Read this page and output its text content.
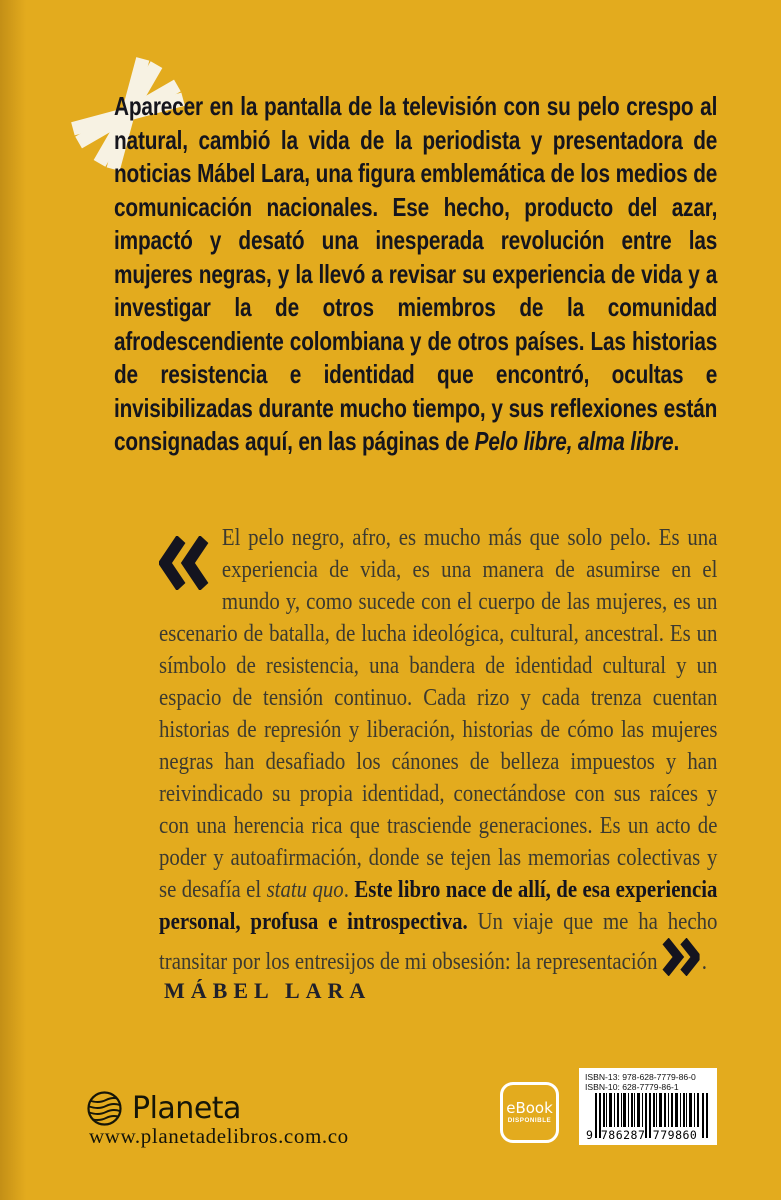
Aparecer en la pantalla de la televisión con su pelo crespo al natural, cambió la vida de la periodista y presentadora de noticias Mábel Lara, una figura emblemática de los medios de comunicación nacionales. Ese hecho, producto del azar, impactó y desató una inesperada revolución entre las mujeres negras, y la llevó a revisar su experiencia de vida y a investigar la de otros miembros de la comunidad afrodescendiente colombiana y de otros países. Las historias de resistencia e identidad que encontró, ocultas e invisibilizadas durante mucho tiempo, y sus reflexiones están consignadas aquí, en las páginas de Pelo libre, alma libre.

El pelo negro, afro, es mucho más que solo pelo. Es una experiencia de vida, es una manera de asumirse en el mundo y, como sucede con el cuerpo de las mujeres, es un escenario de batalla, de lucha ideológica, cultural, ancestral. Es un símbolo de resistencia, una bandera de identidad cultural y un espacio de tensión continuo. Cada rizo y cada trenza cuentan historias de represión y liberación, historias de cómo las mujeres negras han desafiado los cánones de belleza impuestos y han reivindicado su propia identidad, conectándose con sus raíces y con una herencia rica que trasciende generaciones. Es un acto de poder y autoafirmación, donde se tejen las memorias colectivas y se desafía el statu quo. Este libro nace de allí, de esa experiencia personal, profusa e introspectiva. Un viaje que me ha hecho transitar por los entresijos de mi obsesión: la representación .

MÁBEL LARA

Planeta
www.planetadelibros.com.co
eBook
DISPONIBLE
ISBN-13: 978-628-7779-86-0
ISBN-10: 628-7779-86-1
9 786287 779860
